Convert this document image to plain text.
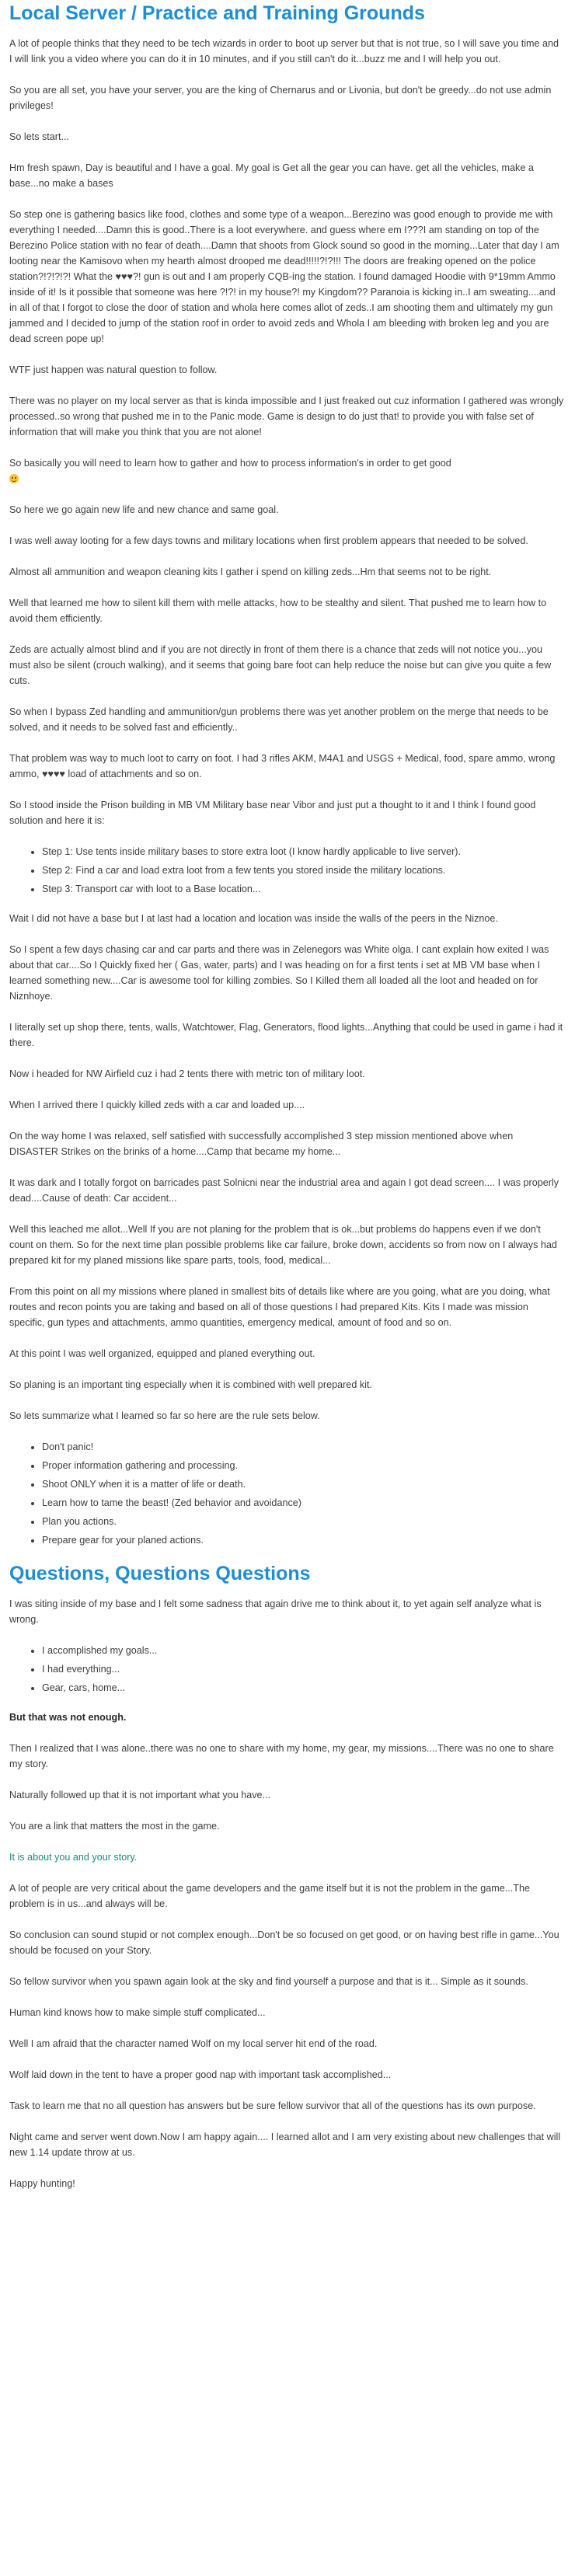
Local Server / Practice and Training Grounds

A lot of people thinks that they need to be tech wizards in order to boot up server but that is not true, so I will save you time and I will link you a video where you can do it in 10 minutes, and if you still can't do it...buzz me and I will help you out.

So you are all set, you have your server, you are the king of Chernarus and or Livonia, but don't be greedy...do not use admin privileges!

So lets start...

Hm fresh spawn, Day is beautiful and I have a goal. My goal is Get all the gear you can have. get all the vehicles, make a base...no make a bases

So step one is gathering basics like food, clothes and some type of a weapon...Berezino was good enough to provide me with everything I needed....Damn this is good..There is a loot everywhere. and guess where em I???I am standing on top of the Berezino Police station with no fear of death....Damn that shoots from Glock sound so good in the morning...Later that day I am looting near the Kamisovo when my hearth almost drooped me dead!!!!!?!?!!! The doors are freaking opened on the police station?!?!?!?! What the ♥♥♥?! gun is out and I am properly CQB-ing the station. I found damaged Hoodie with 9*19mm Ammo inside of it! Is it possible that someone was here ?!?! in my house?! my Kingdom?? Paranoia is kicking in..I am sweating....and in all of that I forgot to close the door of station and whola here comes allot of zeds..I am shooting them and ultimately my gun jammed and I decided to jump of the station roof in order to avoid zeds and Whola I am bleeding with broken leg and you are dead screen pope up!

WTF just happen was natural question to follow.

There was no player on my local server as that is kinda impossible and I just freaked out cuz information I gathered was wrongly processed..so wrong that pushed me in to the Panic mode. Game is design to do just that! to provide you with false set of information that will make you think that you are not alone!

So basically you will need to learn how to gather and how to process information's in order to get good

So here we go again new life and new chance and same goal.

I was well away looting for a few days towns and military locations when first problem appears that needed to be solved.

Almost all ammunition and weapon cleaning kits I gather i spend on killing zeds...Hm that seems not to be right.

Well that learned me how to silent kill them with melle attacks, how to be stealthy and silent. That pushed me to learn how to avoid them efficiently.

Zeds are actually almost blind and if you are not directly in front of them there is a chance that zeds will not notice you...you must also be silent (crouch walking), and it seems that going bare foot can help reduce the noise but can give you quite a few cuts.

So when I bypass Zed handling and ammunition/gun problems there was yet another problem on the merge that needs to be solved, and it needs to be solved fast and efficiently..

That problem was way to much loot to carry on foot. I had 3 rifles AKM, M4A1 and USGS + Medical, food, spare ammo, wrong ammo, ♥♥♥♥ load of attachments and so on.

So I stood inside the Prison building in MB VM Military base near Vibor and just put a thought to it and I think I found good solution and here it is:

• Step 1: Use tents inside military bases to store extra loot (I know hardly applicable to live server).
• Step 2: Find a car and load extra loot from a few tents you stored inside the military locations.
• Step 3: Transport car with loot to a Base location...

Wait I did not have a base but I at last had a location and location was inside the walls of the peers in the Niznoe.

So I spent a few days chasing car and car parts and there was in Zelenegors was White olga. I cant explain how exited I was about that car....So I Quickly fixed her ( Gas, water, parts) and I was heading on for a first tents i set at MB VM base when I learned something new....Car is awesome tool for killing zombies. So I Killed them all loaded all the loot and headed on for Niznhoye.

I literally set up shop there, tents, walls, Watchtower, Flag, Generators, flood lights...Anything that could be used in game i had it there.

Now i headed for NW Airfield cuz i had 2 tents there with metric ton of military loot.

When I arrived there I quickly killed zeds with a car and loaded up....

On the way home I was relaxed, self satisfied with successfully accomplished 3 step mission mentioned above when DISASTER Strikes on the brinks of a home....Camp that became my home...

It was dark and I totally forgot on barricades past Solnicni near the industrial area and again I got dead screen.... I was properly dead....Cause of death: Car accident...

Well this leached me allot...Well If you are not planing for the problem that is ok...but problems do happens even if we don't count on them. So for the next time plan possible problems like car failure, broke down, accidents so from now on I always had prepared kit for my planed missions like spare parts, tools, food, medical...

From this point on all my missions where planed in smallest bits of details like where are you going, what are you doing, what routes and recon points you are taking and based on all of those questions I had prepared Kits. Kits I made was mission specific, gun types and attachments, ammo quantities, emergency medical, amount of food and so on.

At this point I was well organized, equipped and planed everything out.

So planing is an important ting especially when it is combined with well prepared kit.

So lets summarize what I learned so far so here are the rule sets below.

• Don't panic!
• Proper information gathering and processing.
• Shoot ONLY when it is a matter of life or death.
• Learn how to tame the beast! (Zed behavior and avoidance)
• Plan you actions.
• Prepare gear for your planed actions.
Questions, Questions Questions

I was siting inside of my base and I felt some sadness that again drive me to think about it, to yet again self analyze what is wrong.

• I accomplished my goals...
• I had everything...
• Gear, cars, home...

But that was not enough.

Then I realized that I was alone..there was no one to share with my home, my gear, my missions....There was no one to share my story.

Naturally followed up that it is not important what you have...

You are a link that matters the most in the game.

It is about you and your story.

A lot of people are very critical about the game developers and the game itself but it is not the problem in the game...The problem is in us...and always will be.

So conclusion can sound stupid or not complex enough...Don't be so focused on get good, or on having best rifle in game...You should be focused on your Story.

So fellow survivor when you spawn again look at the sky and find yourself a purpose and that is it... Simple as it sounds.

Human kind knows how to make simple stuff complicated...

Well I am afraid that the character named Wolf on my local server hit end of the road.

Wolf laid down in the tent to have a proper good nap with important task accomplished...

Task to learn me that no all question has answers but be sure fellow survivor that all of the questions has its own purpose.

Night came and server went down.Now I am happy again.... I learned allot and I am very existing about new challenges that will new 1.14 update throw at us.

Happy hunting!
